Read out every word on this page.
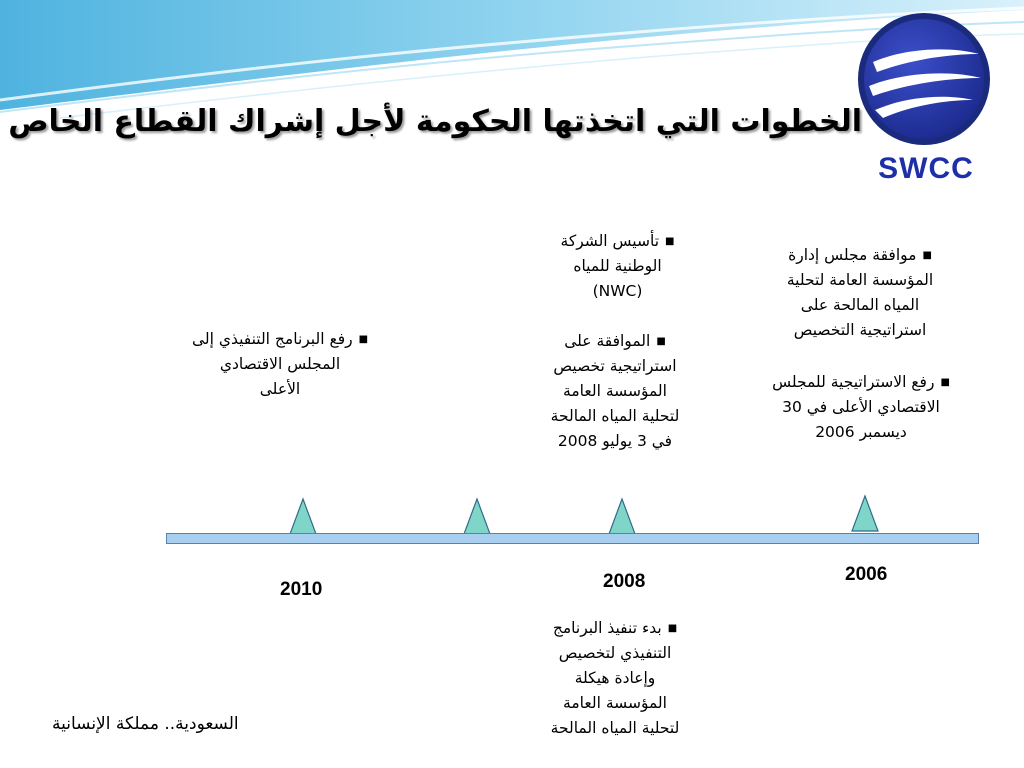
SWCC
الخطوات التي اتخذتها الحكومة لأجل إشراك القطاع الخاص

■رفع البرنامج التنفيذي إلى

المجلس الاقتصادي

الأعلى

■تأسيس الشركة

الوطنية للمياه

(NWC)

■الموافقة على

استراتيجية تخصيص

المؤسسة العامة

لتحلية المياه المالحة

في 3 يوليو 2008

■موافقة مجلس إدارة

المؤسسة العامة لتحلية

المياه المالحة على

استراتيجية التخصيص

■رفع الاستراتيجية للمجلس

الاقتصادي الأعلى في 30

ديسمبر 2006

2010	2008	2006

■بدء تنفيذ البرنامج

التنفيذي لتخصيص

وإعادة هيكلة

المؤسسة العامة

لتحلية المياه المالحة

السعودية.. مملكة الإنسانية
